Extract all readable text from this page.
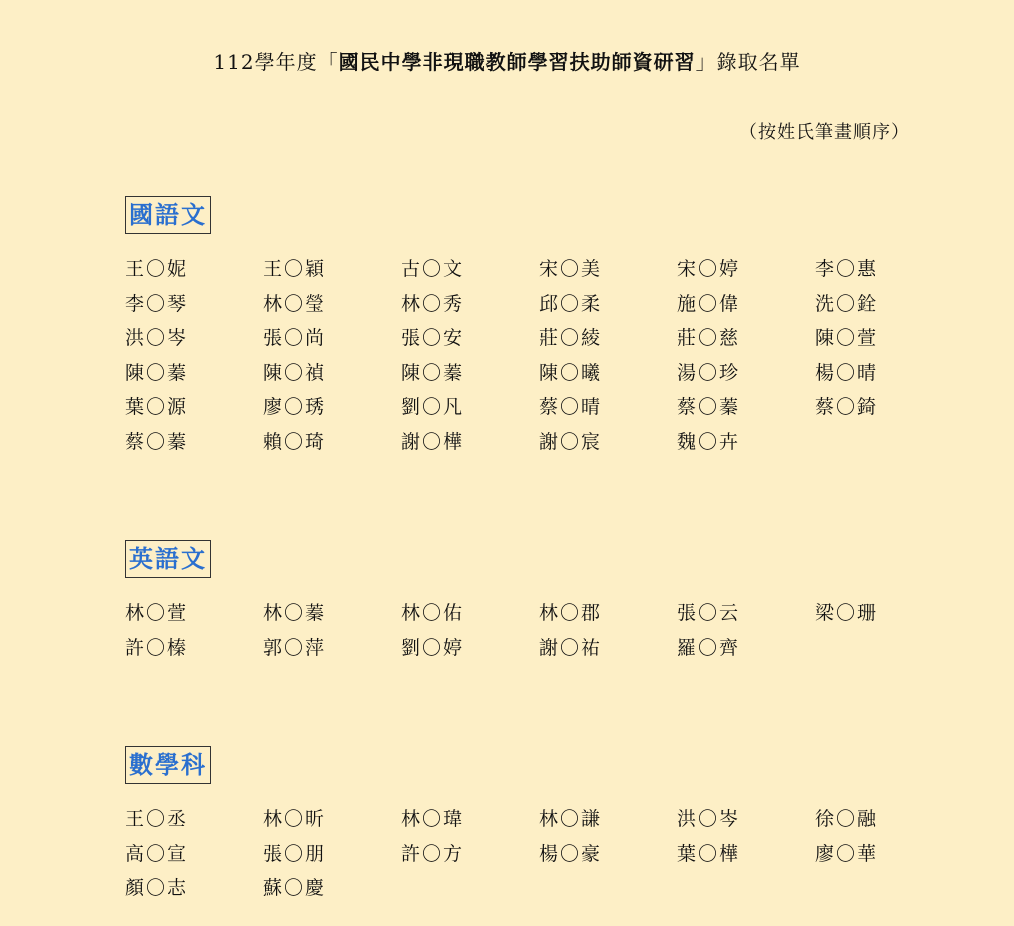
112學年度「國民中學非現職教師學習扶助師資研習」錄取名單
（按姓氏筆畫順序）
國語文
王〇妮	王〇穎	古〇文	宋〇美	宋〇婷	李〇惠
李〇琴	林〇瑩	林〇秀	邱〇柔	施〇偉	洗〇銓
洪〇岑	張〇尚	張〇安	莊〇綾	莊〇慈	陳〇萱
陳〇蓁	陳〇禎	陳〇蓁	陳〇曦	湯〇珍	楊〇晴
葉〇源	廖〇琇	劉〇凡	蔡〇晴	蔡〇蓁	蔡〇錡
蔡〇蓁	賴〇琦	謝〇樺	謝〇宸	魏〇卉
英語文
林〇萱	林〇蓁	林〇佑	林〇郡	張〇云	梁〇珊
許〇榛	郭〇萍	劉〇婷	謝〇祐	羅〇齊
數學科
王〇丞	林〇昕	林〇瑋	林〇謙	洪〇岑	徐〇融
高〇宣	張〇朋	許〇方	楊〇豪	葉〇樺	廖〇華
顏〇志	蘇〇慶
